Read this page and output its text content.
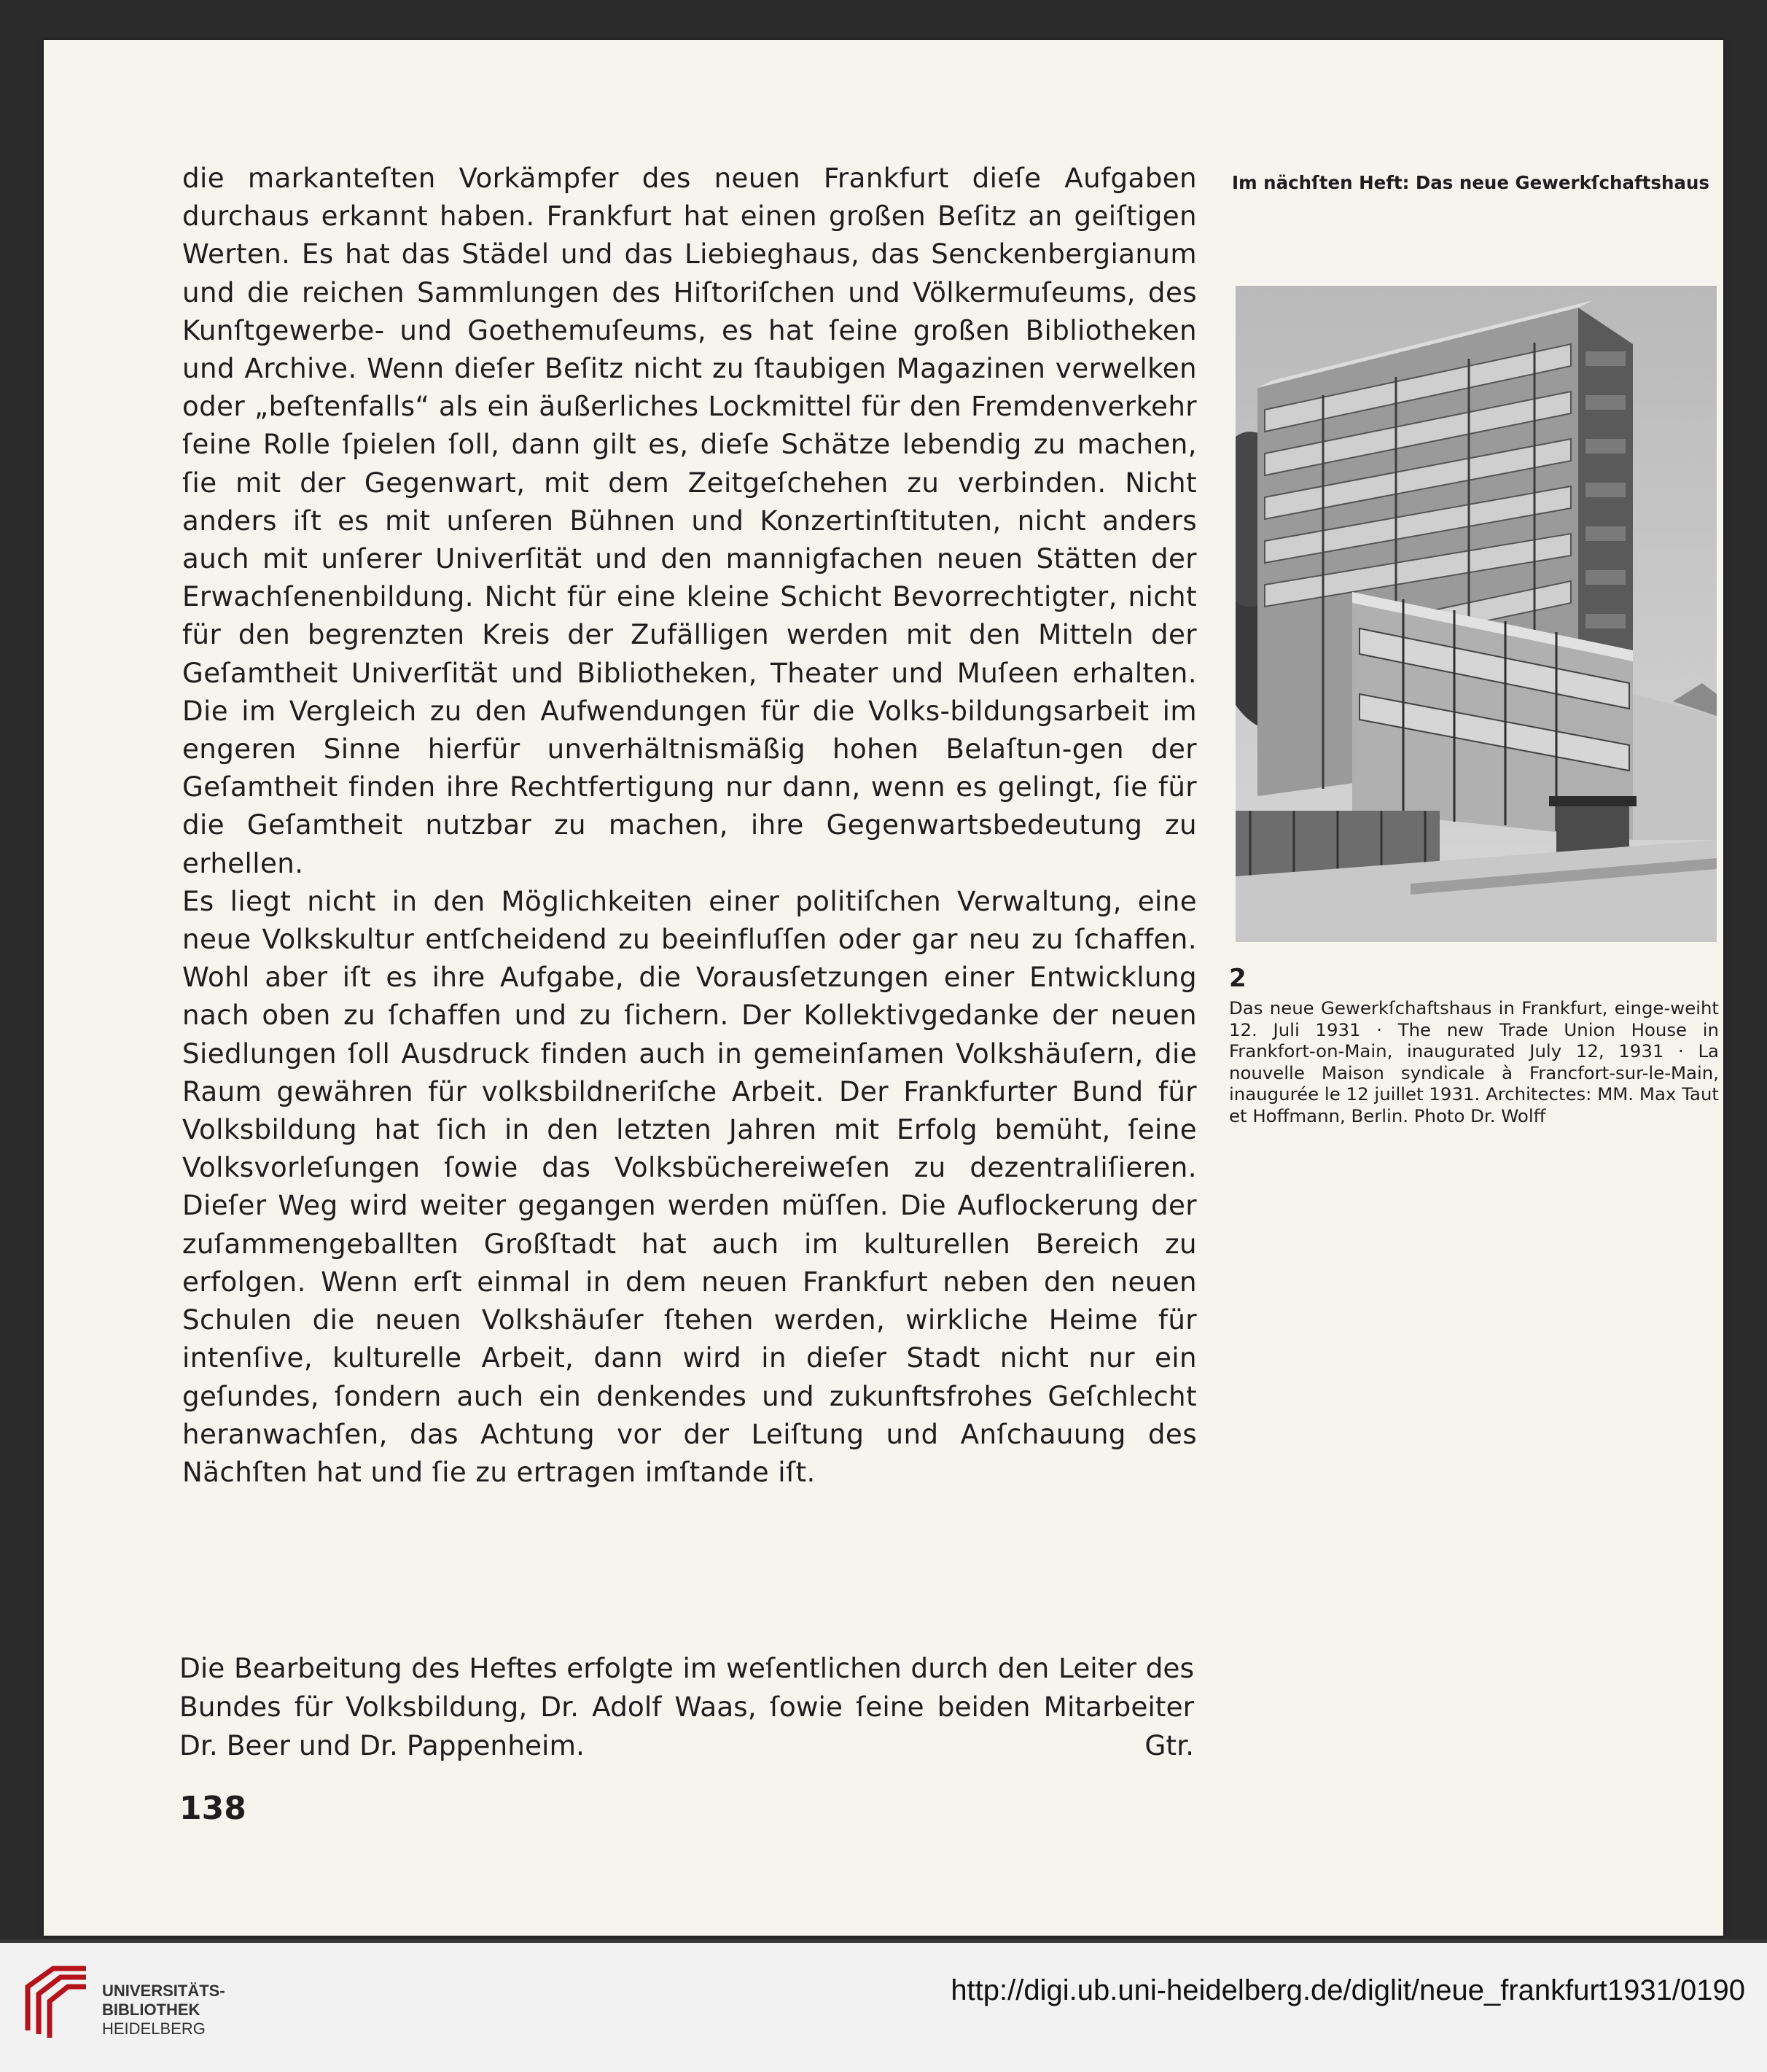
die markanteſten Vorkämpfer des neuen Frankfurt dieſe Aufgaben durchaus erkannt haben. Frankfurt hat einen großen Beſitz an geiſtigen Werten. Es hat das Städel und das Liebieghaus, das Senckenbergianum und die reichen Sammlungen des Hiſtoriſchen und Völkermuſeums, des Kunſtgewerbe- und Goethemuſeums, es hat ſeine großen Bibliotheken und Archive. Wenn dieſer Beſitz nicht zu ſtaubigen Magazinen verwelken oder „beſtenfalls“ als ein äußerliches Lockmittel für den Fremdenverkehr ſeine Rolle ſpielen ſoll, dann gilt es, dieſe Schätze lebendig zu machen, ſie mit der Gegenwart, mit dem Zeitgeſchehen zu verbinden. Nicht anders iſt es mit unſeren Bühnen und Konzertinſtituten, nicht anders auch mit unſerer Univerſität und den mannigfachen neuen Stätten der Erwachſenenbildung. Nicht für eine kleine Schicht Bevorrechtigter, nicht für den begrenzten Kreis der Zufälligen werden mit den Mitteln der Geſamtheit Univerſität und Bibliotheken, Theater und Muſeen erhalten. Die im Vergleich zu den Aufwendungen für die Volks-bildungsarbeit im engeren Sinne hierfür unverhältnismäßig hohen Belaſtun-gen der Geſamtheit finden ihre Rechtfertigung nur dann, wenn es gelingt, ſie für die Geſamtheit nutzbar zu machen, ihre Gegenwartsbedeutung zu erhellen.

Es liegt nicht in den Möglichkeiten einer politiſchen Verwaltung, eine neue Volkskultur entſcheidend zu beeinfluſſen oder gar neu zu ſchaffen. Wohl aber iſt es ihre Aufgabe, die Vorausſetzungen einer Entwicklung nach oben zu ſchaffen und zu ſichern. Der Kollektivgedanke der neuen Siedlungen ſoll Ausdruck finden auch in gemeinſamen Volkshäuſern, die Raum gewähren für volksbildneriſche Arbeit. Der Frankfurter Bund für Volksbildung hat ſich in den letzten Jahren mit Erfolg bemüht, ſeine Volksvorleſungen ſowie das Volksbüchereiweſen zu dezentraliſieren. Dieſer Weg wird weiter gegangen werden müſſen. Die Auflockerung der zuſammengeballten Großſtadt hat auch im kulturellen Bereich zu erfolgen. Wenn erſt einmal in dem neuen Frankfurt neben den neuen Schulen die neuen Volkshäuſer ſtehen werden, wirkliche Heime für intenſive, kulturelle Arbeit, dann wird in dieſer Stadt nicht nur ein geſundes, ſondern auch ein denkendes und zukunftsfrohes Geſchlecht heranwachſen, das Achtung vor der Leiſtung und Anſchauung des Nächſten hat und ſie zu ertragen imſtande iſt.

Im nächſten Heft: Das neue Gewerkſchaftshaus
2
Das neue Gewerkſchaftshaus in Frankfurt, einge-weiht 12. Juli 1931 · The new Trade Union House in Frankfort-on-Main, inaugurated July 12, 1931 · La nouvelle Maison syndicale à Francfort-sur-le-Main, inaugurée le 12 juillet 1931. Architectes: MM. Max Taut et Hoffmann, Berlin. Photo Dr. Wolff
Die Bearbeitung des Heftes erfolgte im weſentlichen durch den Leiter des Bundes für Volksbildung, Dr. Adolf Waas, ſowie ſeine beiden Mitarbeiter Dr. Beer und Dr. Pappenheim.	Gtr.
138
UNIVERSITÄTS-
BIBLIOTHEK
HEIDELBERG
http://digi.ub.uni-heidelberg.de/diglit/neue_frankfurt1931/0190
